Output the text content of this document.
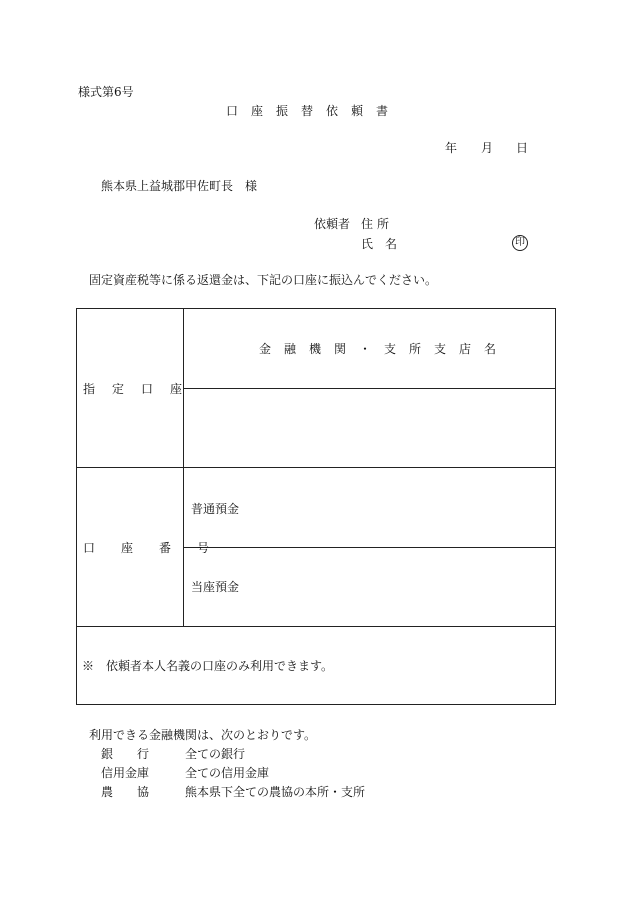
様式第6号
口座振替依頼書
年 月 日
熊本県上益城郡甲佐町長　様
依頼者 住所
氏名	印
固定資産税等に係る返還金は、下記の口座に振込んでください。
指定口座
口座番号
金融機関・支所支店名
普通預金
当座預金
※　依頼者本人名義の口座のみ利用できます。
利用できる金融機関は、次のとおりです。
銀行 全ての銀行
信用金庫	全ての信用金庫
農協 熊本県下全ての農協の本所・支所
